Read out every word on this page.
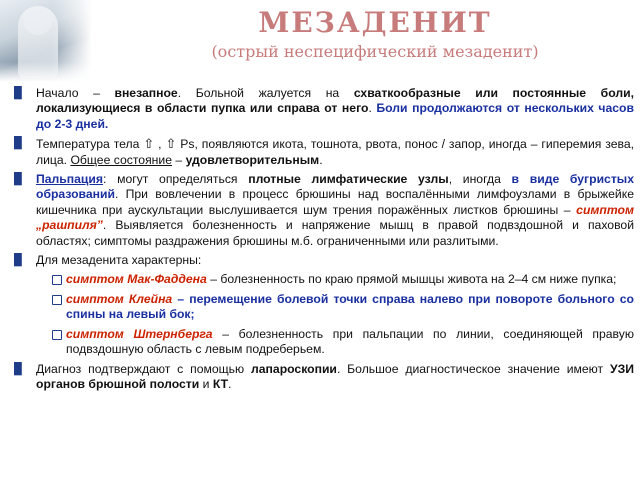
МЕЗАДЕНИТ
(острый неспецифический мезаденит)
█ Начало – внезапное. Больной жалуется на схваткообразные или постоянные боли, локализующиеся в области пупка или справа от него. Боли продолжаются от нескольких часов до 2-3 дней.
█ Температура тела ⇧ , ⇧ Ps, появляются икота, тошнота, рвота, понос / запор, иногда – гиперемия зева, лица. Общее состояние – удовлетворительным.
█ Пальпация: могут определяться плотные лимфатические узлы, иногда в виде бугристых образований. При вовлечении в процесс брюшины над воспалёнными лимфоузлами в брыжейке кишечника при аускультации выслушивается шум трения поражённых листков брюшины – симптом „рашпиля”. Выявляется болезненность и напряжение мышц в правой подвздошной и паховой областях; симптомы раздражения брюшины м.б. ограниченными или разлитыми.
█ Для мезаденита характерны:
симптом Мак-Фаддена – болезненность по краю прямой мышцы живота на 2–4 см ниже пупка;
симптом Клейна – перемещение болевой точки справа налево при повороте больного со спины на левый бок;
симптом Штернберга – болезненность при пальпации по линии, соединяющей правую подвздошную область с левым подреберьем.
█ Диагноз подтверждают с помощью лапароскопии. Большое диагностическое значение имеют УЗИ органов брюшной полости и КТ.
